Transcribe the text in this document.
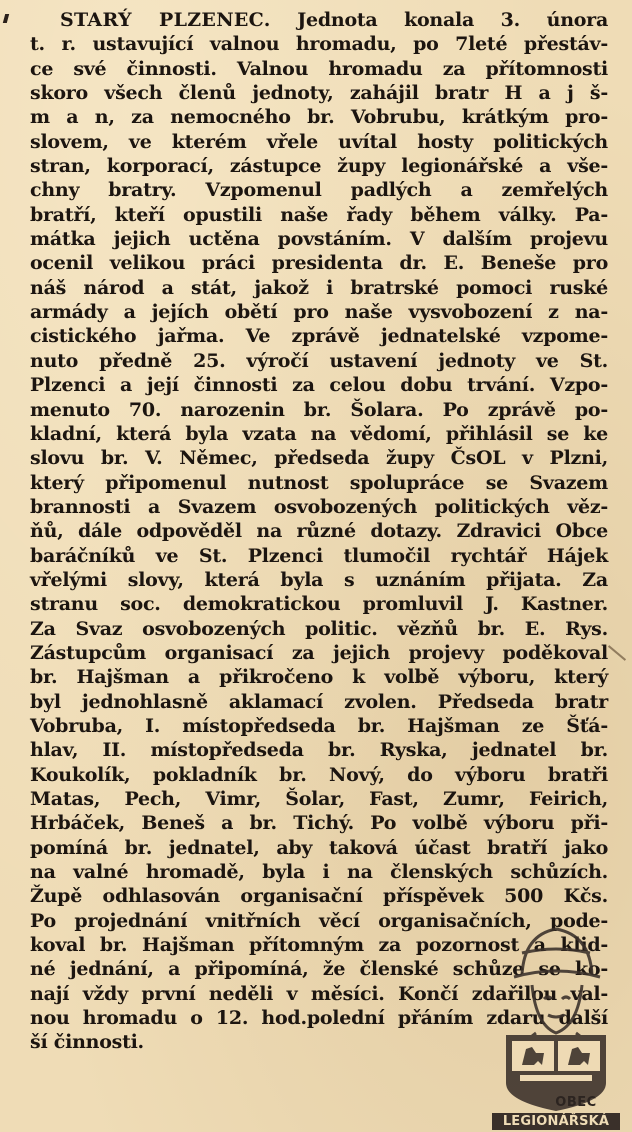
STARÝ PLZENEC. Jednota konala 3. února
t. r. ustavující valnou hromadu, po 7leté přestáv-
ce své činnosti. Valnou hromadu za přítomnosti
skoro všech členů jednoty, zahájil bratr H a j š-
m a n, za nemocného br. Vobrubu, krátkým pro-
slovem, ve kterém vřele uvítal hosty politických
stran, korporací, zástupce župy legionářské a vše-
chny bratry. Vzpomenul padlých a zemřelých
bratří, kteří opustili naše řady během války. Pa-
mátka jejich uctěna povstáním. V dalším projevu
ocenil velikou práci presidenta dr. E. Beneše pro
náš národ a stát, jakož i bratrské pomoci ruské
armády a jejích obětí pro naše vysvobození z na-
cistického jařma. Ve zprávě jednatelské vzpome-
nuto předně 25. výročí ustavení jednoty ve St.
Plzenci a její činnosti za celou dobu trvání. Vzpo-
menuto 70. narozenin br. Šolara. Po zprávě po-
kladní, která byla vzata na vědomí, přihlásil se ke
slovu br. V. Němec, předseda župy ČsOL v Plzni,
který připomenul nutnost spolupráce se Svazem
brannosti a Svazem osvobozených politických věz-
ňů, dále odpověděl na různé dotazy. Zdravici Obce
baráčníků ve St. Plzenci tlumočil rychtář Hájek
vřelými slovy, která byla s uznáním přijata. Za
stranu soc. demokratickou promluvil J. Kastner.
Za Svaz osvobozených politic. vězňů br. E. Rys.
Zástupcům organisací za jejich projevy poděkoval
br. Hajšman a přikročeno k volbě výboru, který
byl jednohlasně aklamací zvolen. Předseda bratr
Vobruba, I. místopředseda br. Hajšman ze Šťá-
hlav, II. místopředseda br. Ryska, jednatel br.
Koukolík, pokladník br. Nový, do výboru bratři
Matas, Pech, Vimr, Šolar, Fast, Zumr, Feirich,
Hrbáček, Beneš a br. Tichý. Po volbě výboru při-
pomíná br. jednatel, aby taková účast bratří jako
na valné hromadě, byla i na členských schůzích.
Župě odhlasován organisační příspěvek 500 Kčs.
Po projednání vnitřních věcí organisačních, pode-
koval br. Hajšman přítomným za pozornost a klid-
né jednání, a připomíná, že členské schůze se ko-
nají vždy první neděli v měsíci. Končí zdařilou val-
nou hromadu o 12. hod.polední přáním zdaru další
ší činnosti.
OBEC
LEGIONÁŘSKÁ
